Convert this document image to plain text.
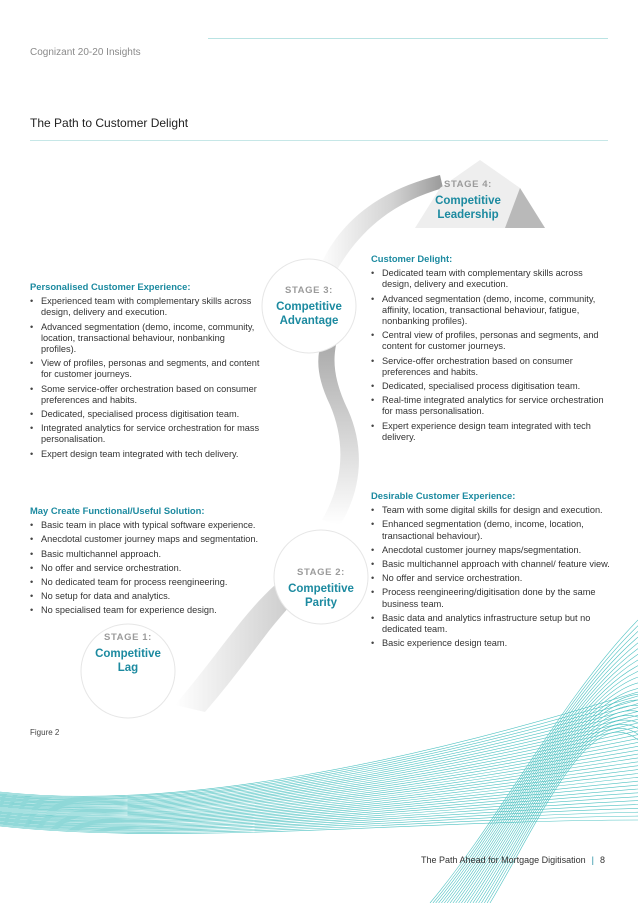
Cognizant 20-20 Insights
The Path to Customer Delight
STAGE 1:
Competitive
Lag
STAGE 2:
Competitive
Parity
STAGE 3:
Competitive
Advantage
STAGE 4:
Competitive
Leadership
Personalised Customer Experience:
• Experienced team with complementary skills across design, delivery and execution.
• Advanced segmentation (demo, income, community, location, transactional behaviour, nonbanking profiles).
• View of profiles, personas and segments, and content for customer journeys.
• Some service-offer orchestration based on consumer preferences and habits.
• Dedicated, specialised process digitisation team.
• Integrated analytics for service orchestration for mass personalisation.
• Expert design team integrated with tech delivery.
Customer Delight:
• Dedicated team with complementary skills across design, delivery and execution.
• Advanced segmentation (demo, income, community, affinity, location, transactional behaviour, fatigue, nonbanking profiles).
• Central view of profiles, personas and segments, and content for customer journeys.
• Service-offer orchestration based on consumer preferences and habits.
• Dedicated, specialised process digitisation team.
• Real-time integrated analytics for service orchestration for mass personalisation.
• Expert experience design team integrated with tech delivery.
May Create Functional/Useful Solution:
• Basic team in place with typical software experience.
• Anecdotal customer journey maps and segmentation.
• Basic multichannel approach.
• No offer and service orchestration.
• No dedicated team for process reengineering.
• No setup for data and analytics.
• No specialised team for experience design.
Desirable Customer Experience:
• Team with some digital skills for design and execution.
• Enhanced segmentation (demo, income, location, transactional behaviour).
• Anecdotal customer journey maps/segmentation.
• Basic multichannel approach with channel/ feature view.
• No offer and service orchestration.
• Process reengineering/digitisation done by the same business team.
• Basic data and analytics infrastructure setup but no dedicated team.
• Basic experience design team.
Figure 2
The Path Ahead for Mortgage Digitisation | 8
